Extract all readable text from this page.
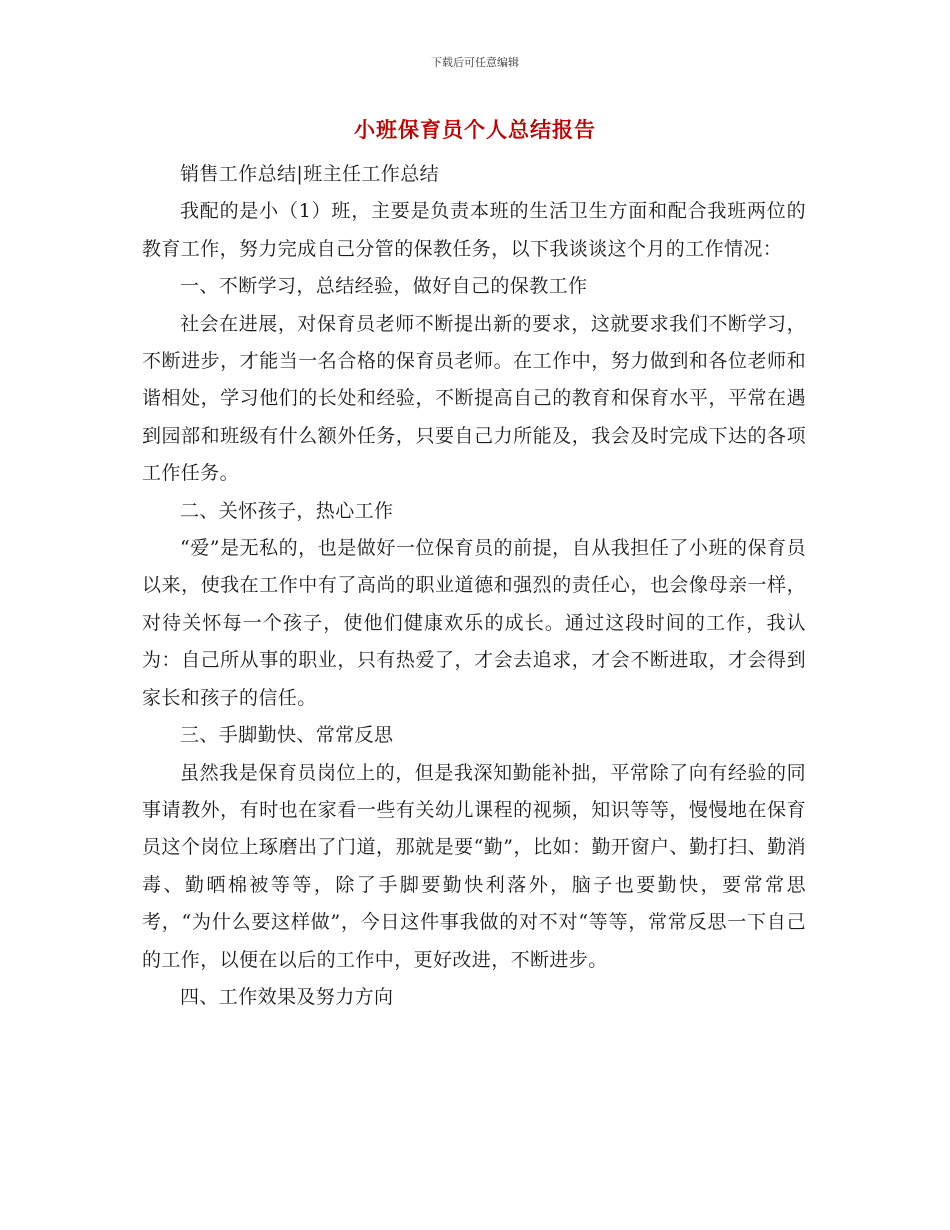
下载后可任意编辑
小班保育员个人总结报告

销售工作总结|班主任工作总结

我配的是小（1）班，主要是负责本班的生活卫生方面和配合我班两位的教育工作，努力完成自己分管的保教任务，以下我谈谈这个月的工作情况：

一、不断学习，总结经验，做好自己的保教工作

社会在进展，对保育员老师不断提出新的要求，这就要求我们不断学习，不断进步，才能当一名合格的保育员老师。在工作中，努力做到和各位老师和谐相处，学习他们的长处和经验，不断提高自己的教育和保育水平，平常在遇到园部和班级有什么额外任务，只要自己力所能及，我会及时完成下达的各项工作任务。

二、关怀孩子，热心工作

“爱”是无私的，也是做好一位保育员的前提，自从我担任了小班的保育员以来，使我在工作中有了高尚的职业道德和强烈的责任心，也会像母亲一样，对待关怀每一个孩子，使他们健康欢乐的成长。通过这段时间的工作，我认为：自己所从事的职业，只有热爱了，才会去追求，才会不断进取，才会得到家长和孩子的信任。

三、手脚勤快、常常反思

虽然我是保育员岗位上的，但是我深知勤能补拙，平常除了向有经验的同事请教外，有时也在家看一些有关幼儿课程的视频，知识等等，慢慢地在保育员这个岗位上琢磨出了门道，那就是要“勤”，比如：勤开窗户、勤打扫、勤消毒、勤晒棉被等等，除了手脚要勤快利落外，脑子也要勤快，要常常思考，“为什么要这样做”，今日这件事我做的对不对“等等，常常反思一下自己的工作，以便在以后的工作中，更好改进，不断进步。

四、工作效果及努力方向
